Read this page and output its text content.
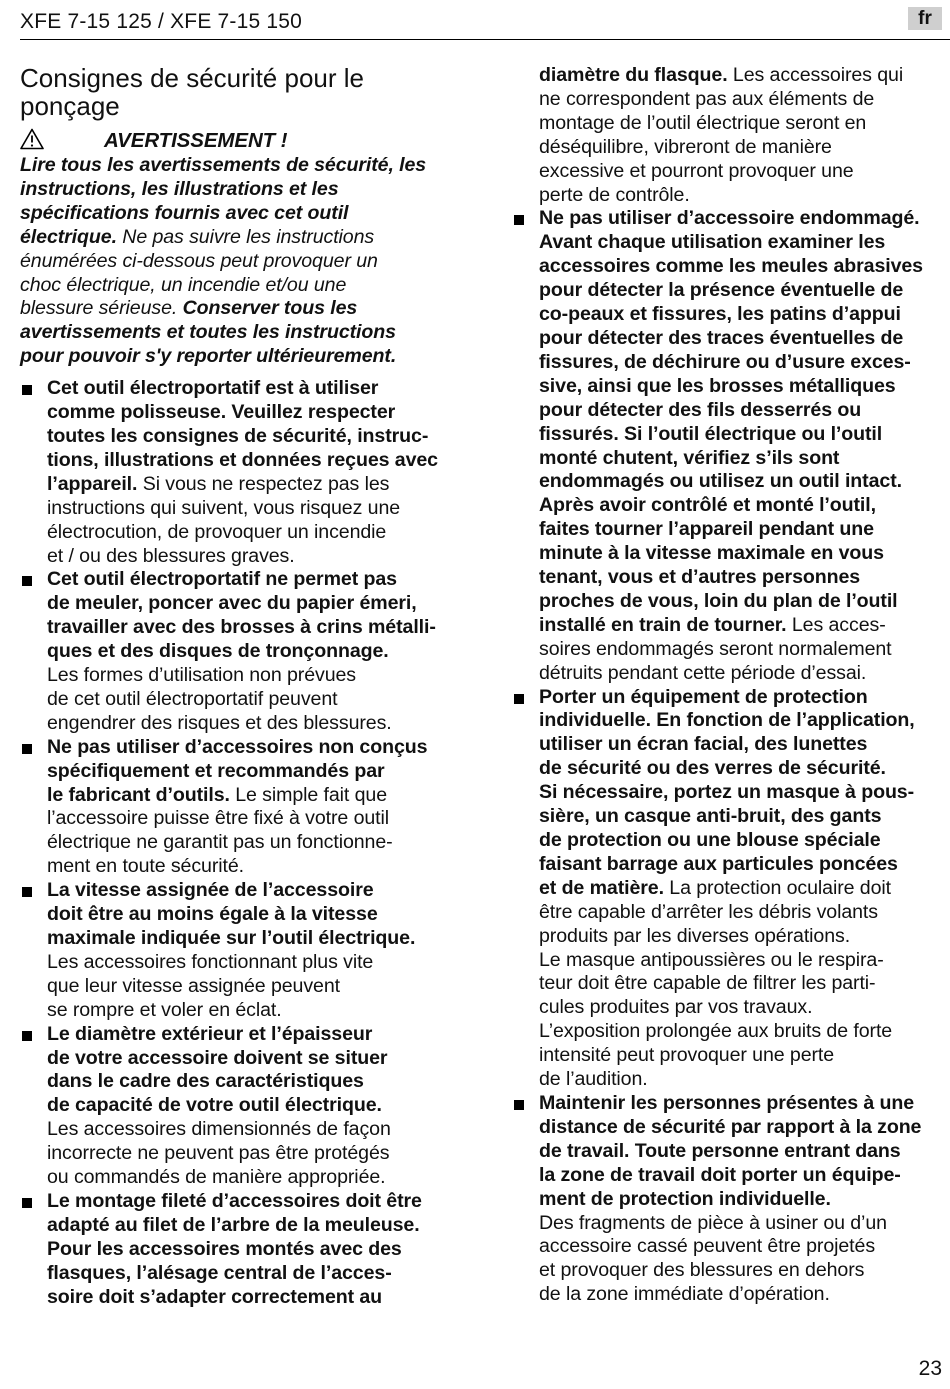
XFE 7-15 125 / XFE 7-15 150	fr
Consignes de sécurité pour le
ponçage
AVERTISSEMENT !
Lire tous les avertissements de sécurité, les
instructions, les illustrations et les
spécifications fournis avec cet outil
électrique. Ne pas suivre les instructions
énumérées ci-dessous peut provoquer un
choc électrique, un incendie et/ou une
blessure sérieuse. Conserver tous les
avertissements et toutes les instructions
pour pouvoir s'y reporter ultérieurement.
Cet outil électroportatif est à utiliser
comme polisseuse. Veuillez respecter
toutes les consignes de sécurité, instruc-
tions, illustrations et données reçues avec
l’appareil. Si vous ne respectez pas les
instructions qui suivent, vous risquez une
électrocution, de provoquer un incendie
et / ou des blessures graves.
Cet outil électroportatif ne permet pas
de meuler, poncer avec du papier émeri,
travailler avec des brosses à crins métalli-
ques et des disques de tronçonnage.
Les formes d’utilisation non prévues
de cet outil électroportatif peuvent
engendrer des risques et des blessures.
Ne pas utiliser d’accessoires non conçus
spécifiquement et recommandés par
le fabricant d’outils. Le simple fait que
l’accessoire puisse être fixé à votre outil
électrique ne garantit pas un fonctionne-
ment en toute sécurité.
La vitesse assignée de l’accessoire
doit être au moins égale à la vitesse
maximale indiquée sur l’outil électrique.
Les accessoires fonctionnant plus vite
que leur vitesse assignée peuvent
se rompre et voler en éclat.
Le diamètre extérieur et l’épaisseur
de votre accessoire doivent se situer
dans le cadre des caractéristiques
de capacité de votre outil électrique.
Les accessoires dimensionnés de façon
incorrecte ne peuvent pas être protégés
ou commandés de manière appropriée.
Le montage fileté d’accessoires doit être
adapté au filet de l’arbre de la meuleuse.
Pour les accessoires montés avec des
flasques, l’alésage central de l’acces-
soire doit s’adapter correctement au
diamètre du flasque. Les accessoires qui
ne correspondent pas aux éléments de
montage de l’outil électrique seront en
déséquilibre, vibreront de manière
excessive et pourront provoquer une
perte de contrôle.
Ne pas utiliser d’accessoire endommagé.
Avant chaque utilisation examiner les
accessoires comme les meules abrasives
pour détecter la présence éventuelle de
co-peaux et fissures, les patins d’appui
pour détecter des traces éventuelles de
fissures, de déchirure ou d’usure exces-
sive, ainsi que les brosses métalliques
pour détecter des fils desserrés ou
fissurés. Si l’outil électrique ou l’outil
monté chutent, vérifiez s’ils sont
endommagés ou utilisez un outil intact.
Après avoir contrôlé et monté l’outil,
faites tourner l’appareil pendant une
minute à la vitesse maximale en vous
tenant, vous et d’autres personnes
proches de vous, loin du plan de l’outil
installé en train de tourner. Les acces-
soires endommagés seront normalement
détruits pendant cette période d’essai.
Porter un équipement de protection
individuelle. En fonction de l’application,
utiliser un écran facial, des lunettes
de sécurité ou des verres de sécurité.
Si nécessaire, portez un masque à pous-
sière, un casque anti-bruit, des gants
de protection ou une blouse spéciale
faisant barrage aux particules poncées
et de matière. La protection oculaire doit
être capable d’arrêter les débris volants
produits par les diverses opérations.
Le masque antipoussières ou le respira-
teur doit être capable de filtrer les parti-
cules produites par vos travaux.
L’exposition prolongée aux bruits de forte
intensité peut provoquer une perte
de l’audition.
Maintenir les personnes présentes à une
distance de sécurité par rapport à la zone
de travail. Toute personne entrant dans
la zone de travail doit porter un équipe-
ment de protection individuelle.
Des fragments de pièce à usiner ou d’un
accessoire cassé peuvent être projetés
et provoquer des blessures en dehors
de la zone immédiate d’opération.
23
